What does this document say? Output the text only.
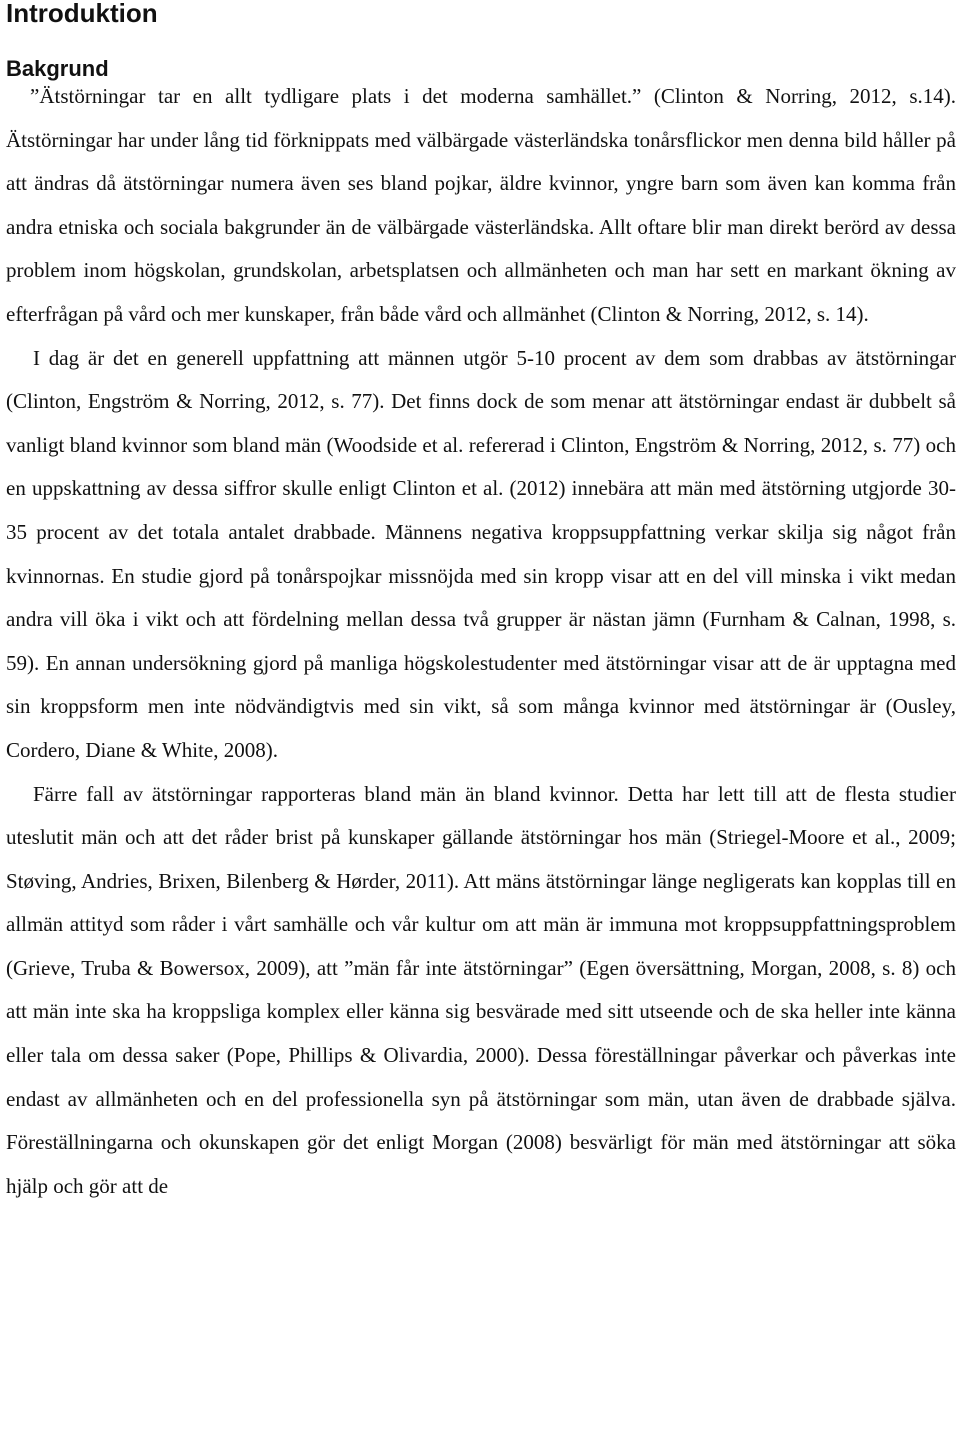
Introduktion
Bakgrund

”Ätstörningar tar en allt tydligare plats i det moderna samhället.” (Clinton & Norring, 2012, s.14). Ätstörningar har under lång tid förknippats med välbärgade västerländska tonårsflickor men denna bild håller på att ändras då ätstörningar numera även ses bland pojkar, äldre kvinnor, yngre barn som även kan komma från andra etniska och sociala bakgrunder än de välbärgade västerländska. Allt oftare blir man direkt berörd av dessa problem inom högskolan, grundskolan, arbetsplatsen och allmänheten och man har sett en markant ökning av efterfrågan på vård och mer kunskaper, från både vård och allmänhet (Clinton & Norring, 2012, s. 14).

I dag är det en generell uppfattning att männen utgör 5-10 procent av dem som drabbas av ätstörningar (Clinton, Engström & Norring, 2012, s. 77). Det finns dock de som menar att ätstörningar endast är dubbelt så vanligt bland kvinnor som bland män (Woodside et al. refererad i Clinton, Engström & Norring, 2012, s. 77) och en uppskattning av dessa siffror skulle enligt Clinton et al. (2012) innebära att män med ätstörning utgjorde 30-35 procent av det totala antalet drabbade. Männens negativa kroppsuppfattning verkar skilja sig något från kvinnornas. En studie gjord på tonårspojkar missnöjda med sin kropp visar att en del vill minska i vikt medan andra vill öka i vikt och att fördelning mellan dessa två grupper är nästan jämn (Furnham & Calnan, 1998, s. 59). En annan undersökning gjord på manliga högskolestudenter med ätstörningar visar att de är upptagna med sin kroppsform men inte nödvändigtvis med sin vikt, så som många kvinnor med ätstörningar är (Ousley, Cordero, Diane & White, 2008).

Färre fall av ätstörningar rapporteras bland män än bland kvinnor. Detta har lett till att de flesta studier uteslutit män och att det råder brist på kunskaper gällande ätstörningar hos män (Striegel-Moore et al., 2009; Støving, Andries, Brixen, Bilenberg & Hørder, 2011). Att mäns ätstörningar länge negligerats kan kopplas till en allmän attityd som råder i vårt samhälle och vår kultur om att män är immuna mot kroppsuppfattningsproblem (Grieve, Truba & Bowersox, 2009), att ”män får inte ätstörningar” (Egen översättning, Morgan, 2008, s. 8) och att män inte ska ha kroppsliga komplex eller känna sig besvärade med sitt utseende och de ska heller inte känna eller tala om dessa saker (Pope, Phillips & Olivardia, 2000). Dessa föreställningar påverkar och påverkas inte endast av allmänheten och en del professionella syn på ätstörningar som män, utan även de drabbade själva. Föreställningarna och okunskapen gör det enligt Morgan (2008) besvärligt för män med ätstörningar att söka hjälp och gör att de
